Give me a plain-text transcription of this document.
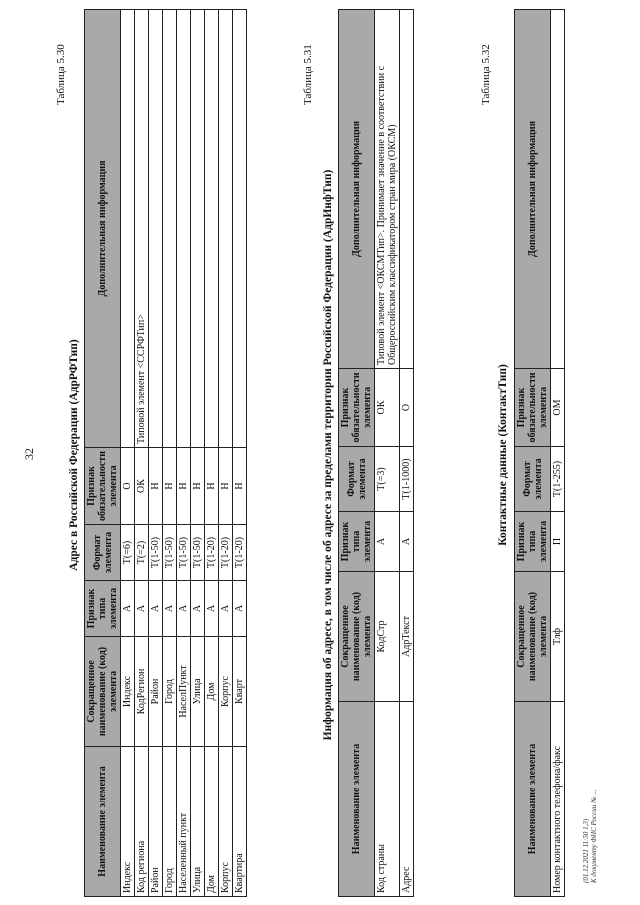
32
Таблица 5.30
Адрес в Российской Федерации (АдрРФТип)
Наименование элемента	Сокращенное наименование (код) элемента	Признак типа элемента	Формат элемента	Признак обязательности элемента	Дополнительная информация
Индекс	Индекс	А	T(=6)	О	
Код региона	КодРегион	А	T(=2)	ОК	Типовой элемент <ССРФТип>
Район	Район	А	T(1-50)	Н	
Город	Город	А	T(1-50)	Н	
Населенный пункт	НаселПункт	А	T(1-50)	Н	
Улица	Улица	А	T(1-50)	Н	
Дом	Дом	А	T(1-20)	Н	
Корпус	Корпус	А	T(1-20)	Н	
Квартира	Кварт	А	T(1-20)	Н	
Таблица 5.31
Информация об адресе, в том числе об адресе за пределами территории Российской Федерации (АдрИнфТип)
Наименование элемента	Сокращенное наименование (код) элемента	Признак типа элемента	Формат элемента	Признак обязательности элемента	Дополнительная информация
Код страны	КодСтр	А	T(=3)	ОК	Типовой элемент <ОКСМТип>. Принимает значение в соответствии с Общероссийским классификатором стран мира (ОКСМ)
Адрес	АдрТекст	А	T(1-1000)	О	
Таблица 5.32
Контактные данные (КонтактТип)
Наименование элемента	Сокращенное наименование (код) элемента	Признак типа элемента	Формат элемента	Признак обязательности элемента	Дополнительная информация
Номер контактного телефона/факс	Тлф	П	T(1-255)	ОМ	
(01.12.2021 11:50 1,3) К документу ФНС России № ...
